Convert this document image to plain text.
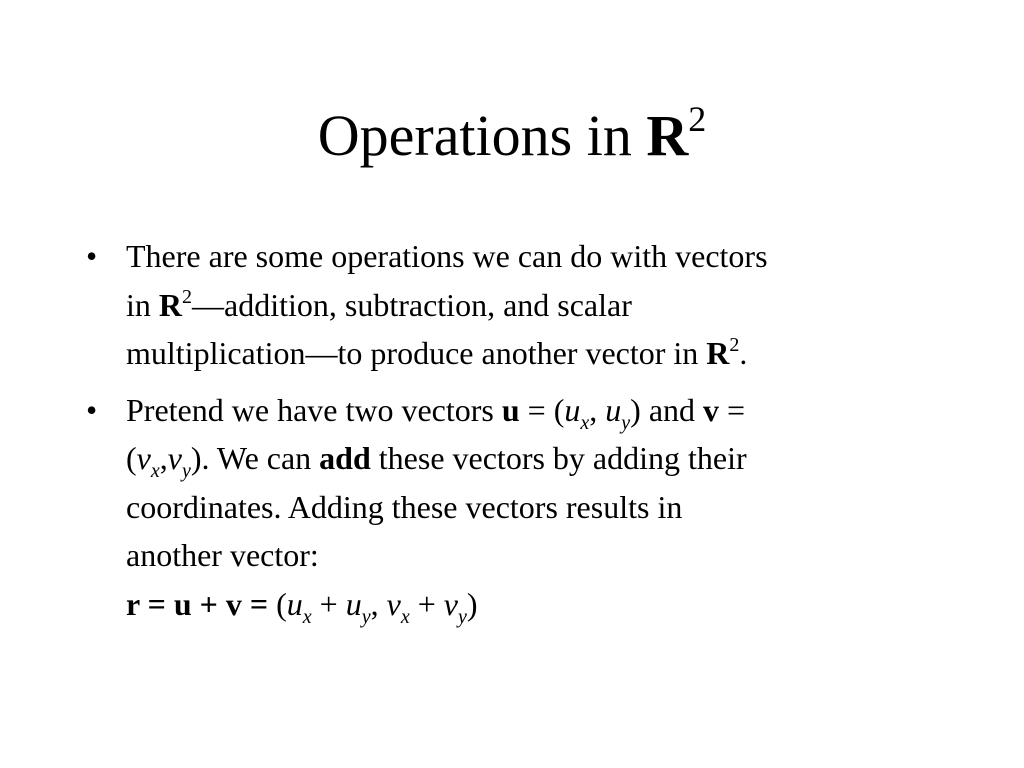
Operations in $R^2$
• There are some operations we can do with vectors
in $R^2—addition$, subtraction, and scalar
multiplication—to produce another vector in $R^2$.
• Pretend we have two vectors $u = (u_x$, $u_y$) and v =
$(v_x,v_y)$. We can add these vectors by adding their
coordinates. Adding these vectors results in
another vector:
$r = u + v = (u_x + u_y$, $v_x + v_y$)
